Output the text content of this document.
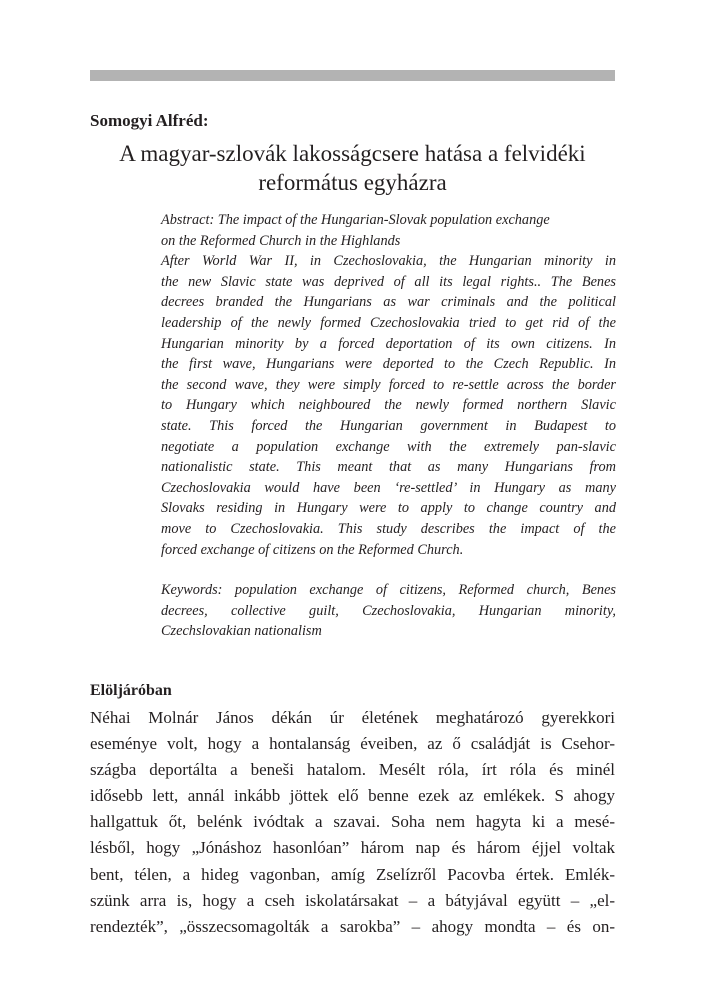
Somogyi Alfréd:

A magyar-szlovák lakosságcsere hatása a felvidéki
református egyházra
Abstract: The impact of the Hungarian-Slovak population exchange
on the Reformed Church in the Highlands
After World War II, in Czechoslovakia, the Hungarian minority in
the new Slavic state was deprived of all its legal rights.. The Benes
decrees branded the Hungarians as war criminals and the political
leadership of the newly formed Czechoslovakia tried to get rid of the
Hungarian minority by a forced deportation of its own citizens. In
the first wave, Hungarians were deported to the Czech Republic. In
the second wave, they were simply forced to re-settle across the border
to Hungary which neighboured the newly formed northern Slavic
state. This forced the Hungarian government in Budapest to
negotiate a population exchange with the extremely pan-slavic
nationalistic state. This meant that as many Hungarians from
Czechoslovakia would have been ‘re-settled’ in Hungary as many
Slovaks residing in Hungary were to apply to change country and
move to Czechoslovakia. This study describes the impact of the
forced exchange of citizens on the Reformed Church.
Keywords: population exchange of citizens, Reformed church, Benes
decrees, collective guilt, Czechoslovakia, Hungarian minority,
Czechslovakian nationalism
Elöljáróban
Néhai Molnár János dékán úr életének meghatározó gyerekkori
eseménye volt, hogy a hontalanság éveiben, az ő családját is Csehor-
szágba deportálta a beneši hatalom. Mesélt róla, írt róla és minél
idősebb lett, annál inkább jöttek elő benne ezek az emlékek. S ahogy
hallgattuk őt, belénk ivódtak a szavai. Soha nem hagyta ki a mesé-
lésből, hogy „Jónáshoz hasonlóan” három nap és három éjjel voltak
bent, télen, a hideg vagonban, amíg Zselízről Pacovba értek. Emlék-
szünk arra is, hogy a cseh iskolatársakat – a bátyjával együtt – „el-
rendezték”, „összecsomagolták a sarokba” – ahogy mondta – és on-
